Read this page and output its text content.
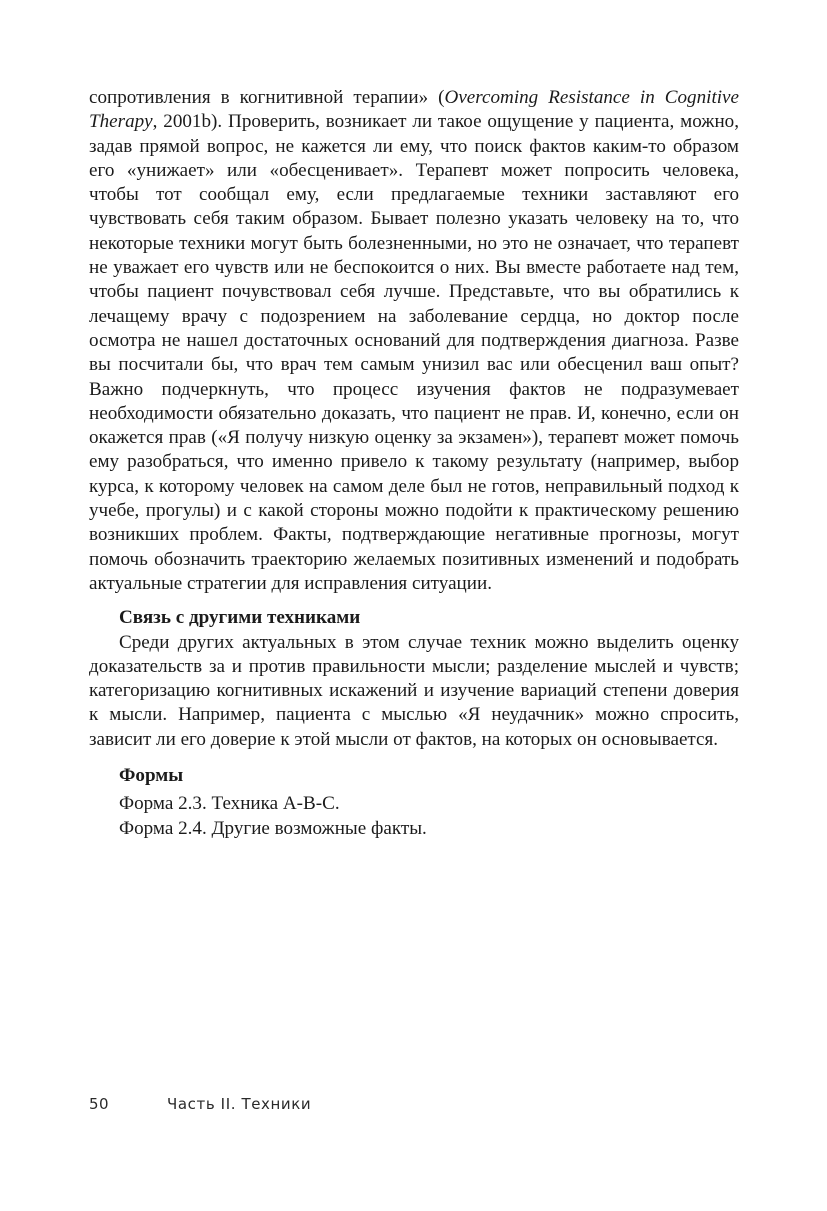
сопротивления в когнитивной терапии» (Overcoming Resistance in Cognitive Therapy, 2001b). Проверить, возникает ли такое ощущение у пациента, можно, задав прямой вопрос, не кажется ли ему, что поиск фактов каким-то образом его «унижает» или «обесценивает». Терапевт может попросить человека, чтобы тот сообщал ему, если предлагаемые техники заставляют его чувствовать себя таким образом. Бывает полезно указать человеку на то, что некоторые техники могут быть болезненными, но это не означает, что терапевт не уважает его чувств или не беспокоится о них. Вы вместе работаете над тем, чтобы пациент почувствовал себя лучше. Представьте, что вы обратились к лечащему врачу с подозрением на заболевание сердца, но доктор после осмотра не нашел достаточных оснований для подтверждения диагноза. Разве вы посчитали бы, что врач тем самым унизил вас или обесценил ваш опыт? Важно подчеркнуть, что процесс изучения фактов не подразумевает необходимости обязательно доказать, что пациент не прав. И, конечно, если он окажется прав («Я получу низкую оценку за экзамен»), терапевт может помочь ему разобраться, что именно привело к такому результату (например, выбор курса, к которому человек на самом деле был не готов, неправильный подход к учебе, прогулы) и с какой стороны можно подойти к практическому решению возникших проблем. Факты, подтверждающие негативные прогнозы, могут помочь обозначить траекторию желаемых позитивных изменений и подобрать актуальные стратегии для исправления ситуации.

Связь с другими техниками

Среди других актуальных в этом случае техник можно выделить оценку доказательств за и против правильности мысли; разделение мыслей и чувств; категоризацию когнитивных искажений и изучение вариаций степени доверия к мысли. Например, пациента с мыслью «Я неудачник» можно спросить, зависит ли его доверие к этой мысли от фактов, на которых он основывается.

Формы

Форма 2.3. Техника А-В-С.

Форма 2.4. Другие возможные факты.

50	Часть II. Техники
